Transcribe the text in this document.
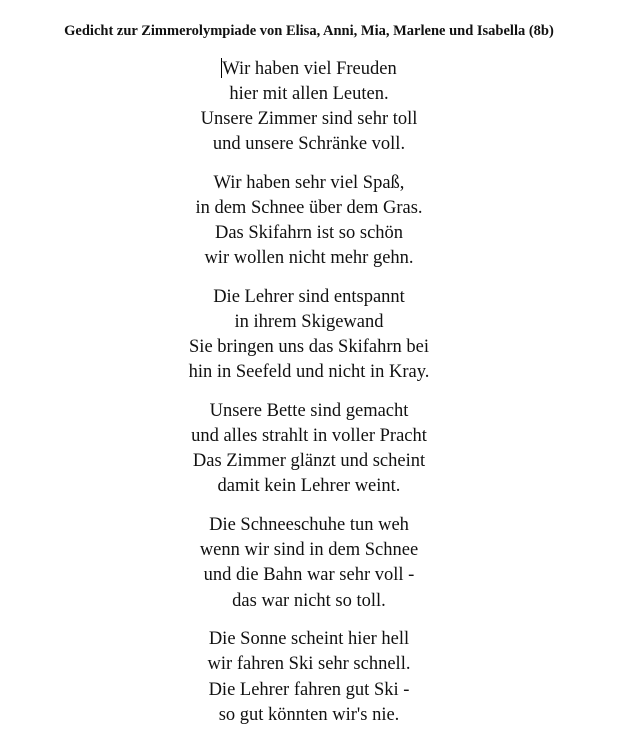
Gedicht zur Zimmerolympiade von Elisa, Anni, Mia, Marlene und Isabella (8b)
Wir haben viel Freuden
hier mit allen Leuten.
Unsere Zimmer sind sehr toll
und unsere Schränke voll.
Wir haben sehr viel Spaß,
in dem Schnee über dem Gras.
Das Skifahrn ist so schön
wir wollen nicht mehr gehn.
Die Lehrer sind entspannt
in ihrem Skigewand
Sie bringen uns das Skifahrn bei
hin in Seefeld und nicht in Kray.
Unsere Bette sind gemacht
und alles strahlt in voller Pracht
Das Zimmer glänzt und scheint
damit kein Lehrer weint.
Die Schneeschuhe tun weh
wenn wir sind in dem Schnee
und die Bahn war sehr voll -
das war nicht so toll.
Die Sonne scheint hier hell
wir fahren Ski sehr schnell.
Die Lehrer fahren gut Ski -
so gut könnten wir's nie.
